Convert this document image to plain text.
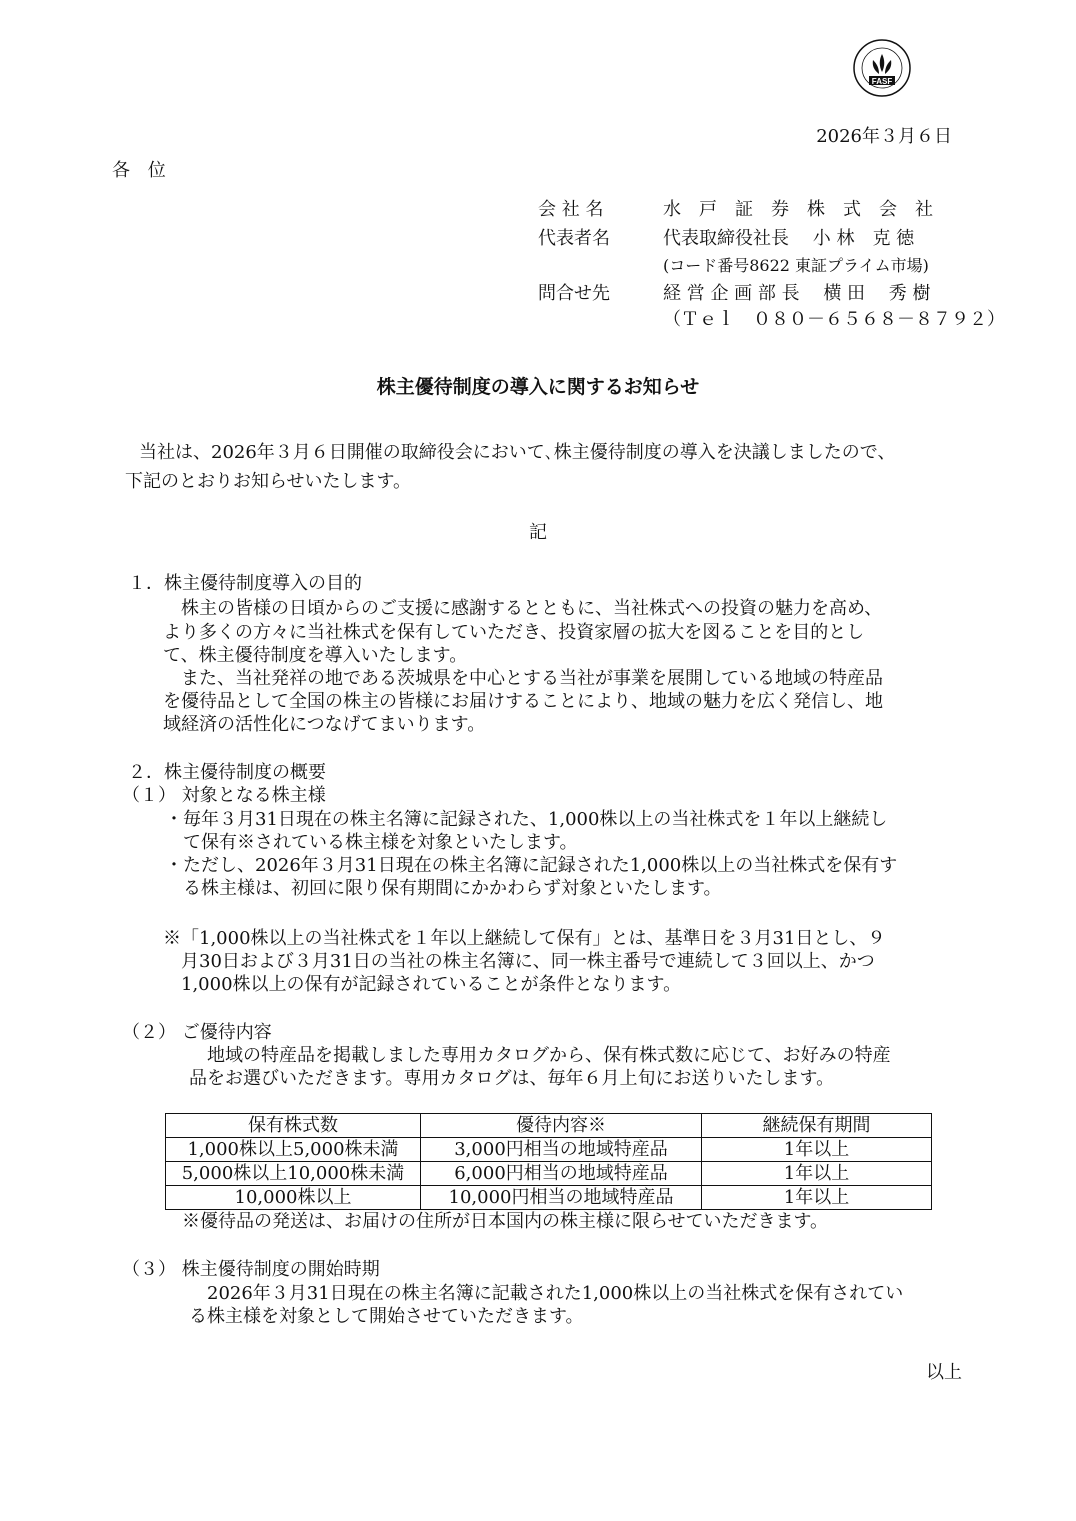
FASF
2026年３月６日
各 位
会 社 名	水　戸　証　券　株　式　会　社
代表者名	代表取締役社長　 小 林　克 徳
(コード番号8622 東証プライム市場)
問合せ先	経 営 企 画 部 長　 横 田　 秀 樹
（Ｔｅｌ　０８０－６５６８－８７９２）
株主優待制度の導入に関するお知らせ
当社は、2026年３月６日開催の取締役会において､株主優待制度の導入を決議しましたので、
下記のとおりお知らせいたします。
記
１．株主優待制度導入の目的
　株主の皆様の日頃からのご支援に感謝するとともに、当社株式への投資の魅力を高め、
より多くの方々に当社株式を保有していただき、投資家層の拡大を図ることを目的とし
て、株主優待制度を導入いたします。
　また、当社発祥の地である茨城県を中心とする当社が事業を展開している地域の特産品
を優待品として全国の株主の皆様にお届けすることにより、地域の魅力を広く発信し、地
域経済の活性化につなげてまいります。
２．株主優待制度の概要
（１） 対象となる株主様
・毎年３月31日現在の株主名簿に記録された、1,000株以上の当社株式を１年以上継続し
　て保有※されている株主様を対象といたします。
・ただし、2026年３月31日現在の株主名簿に記録された1,000株以上の当社株式を保有す
　る株主様は、初回に限り保有期間にかかわらず対象といたします。
※「1,000株以上の当社株式を１年以上継続して保有」とは、基準日を３月31日とし、９
　月30日および３月31日の当社の株主名簿に、同一株主番号で連続して３回以上、かつ
　1,000株以上の保有が記録されていることが条件となります。
（２） ご優待内容
　地域の特産品を掲載しました専用カタログから、保有株式数に応じて、お好みの特産
品をお選びいただきます。専用カタログは、毎年６月上旬にお送りいたします。
保有株式数	優待内容※	継続保有期間
1,000株以上5,000株未満	3,000円相当の地域特産品	1年以上
5,000株以上10,000株未満	6,000円相当の地域特産品	1年以上
10,000株以上	10,000円相当の地域特産品	1年以上
※優待品の発送は、お届けの住所が日本国内の株主様に限らせていただきます。
（３） 株主優待制度の開始時期
　2026年３月31日現在の株主名簿に記載された1,000株以上の当社株式を保有されてい
る株主様を対象として開始させていただきます。
以上
